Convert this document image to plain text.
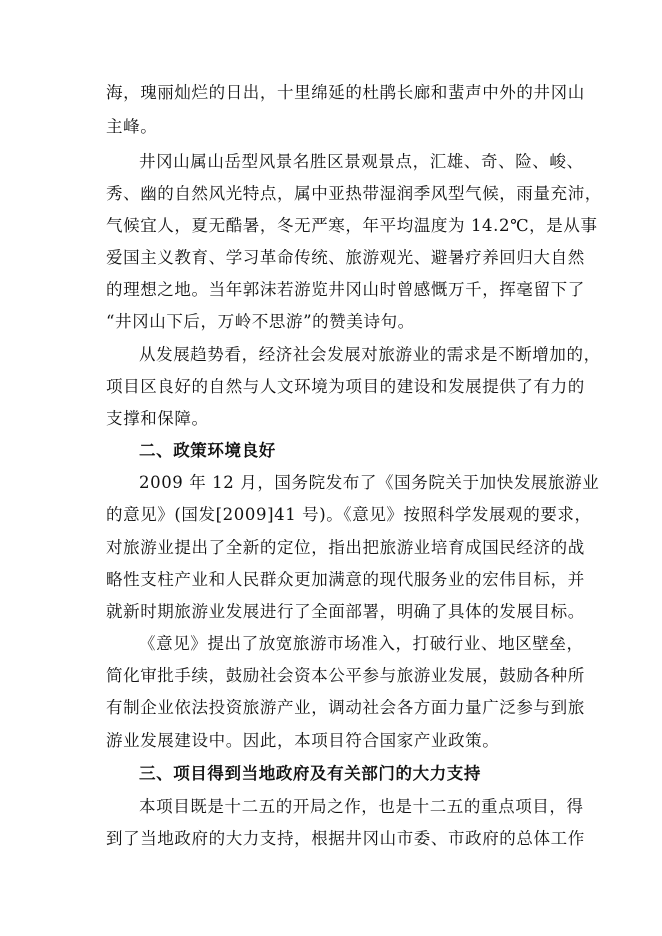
海，瑰丽灿烂的日出，十里绵延的杜鹃长廊和蜚声中外的井冈山
主峰。
井冈山属山岳型风景名胜区景观景点，汇雄、奇、险、峻、
秀、幽的自然风光特点，属中亚热带湿润季风型气候，雨量充沛，
气候宜人，夏无酷暑，冬无严寒，年平均温度为 14.2℃，是从事
爱国主义教育、学习革命传统、旅游观光、避暑疗养回归大自然
的理想之地。当年郭沫若游览井冈山时曾感慨万千，挥毫留下了
“井冈山下后，万岭不思游”的赞美诗句。
从发展趋势看，经济社会发展对旅游业的需求是不断增加的，
项目区良好的自然与人文环境为项目的建设和发展提供了有力的
支撑和保障。
二、政策环境良好
2009 年 12 月，国务院发布了《国务院关于加快发展旅游业
的意见》(国发[2009]41 号)。《意见》按照科学发展观的要求，
对旅游业提出了全新的定位，指出把旅游业培育成国民经济的战
略性支柱产业和人民群众更加满意的现代服务业的宏伟目标，并
就新时期旅游业发展进行了全面部署，明确了具体的发展目标。
《意见》提出了放宽旅游市场准入，打破行业、地区壁垒，
简化审批手续，鼓励社会资本公平参与旅游业发展，鼓励各种所
有制企业依法投资旅游产业，调动社会各方面力量广泛参与到旅
游业发展建设中。因此，本项目符合国家产业政策。
三、项目得到当地政府及有关部门的大力支持
本项目既是十二五的开局之作，也是十二五的重点项目，得
到了当地政府的大力支持，根据井冈山市委、市政府的总体工作
